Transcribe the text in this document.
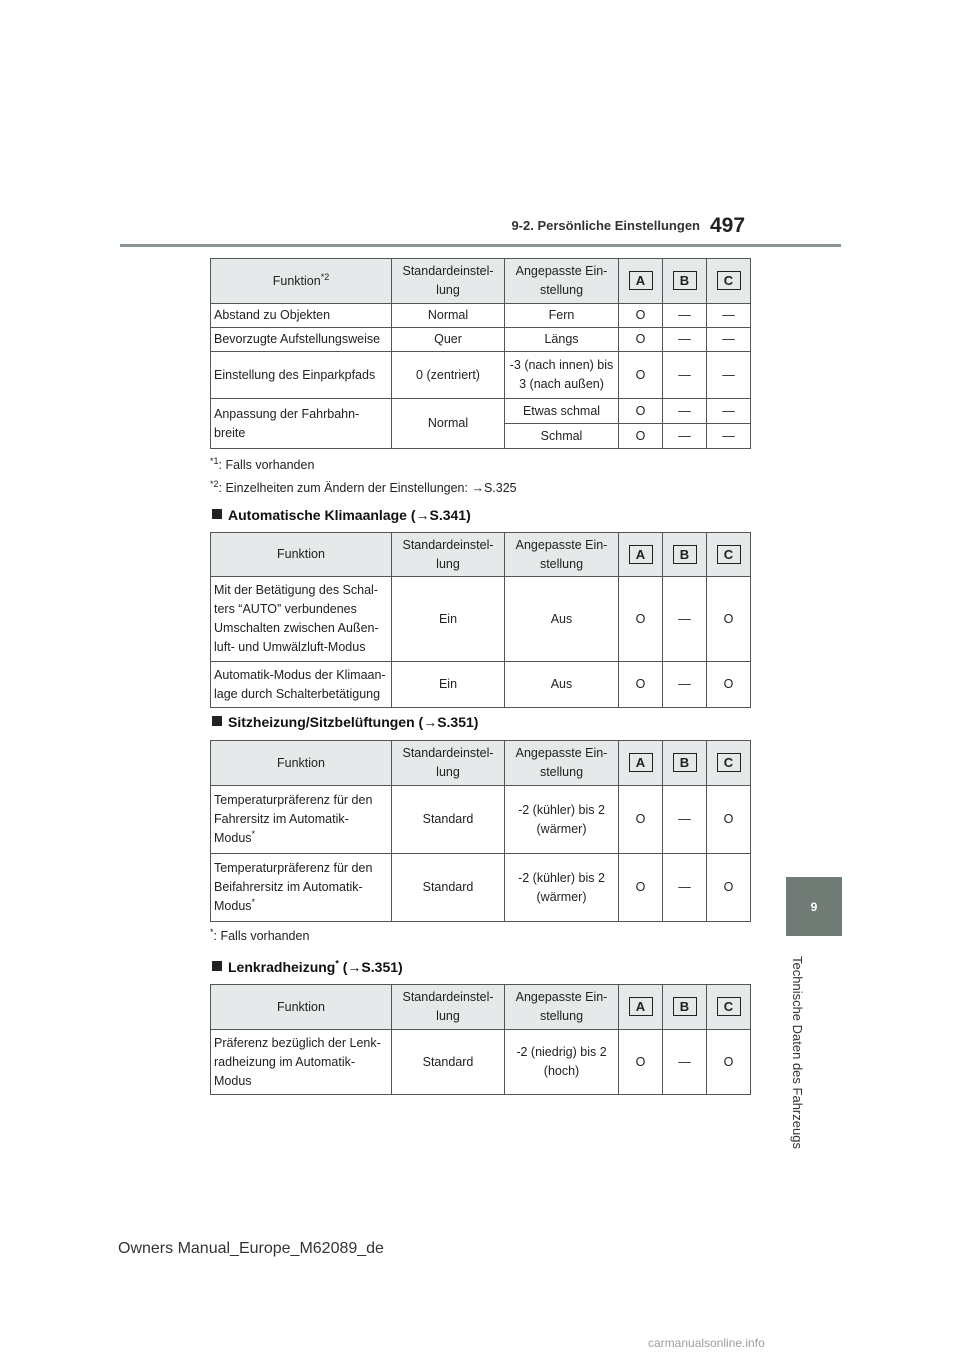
9-2. Persönliche Einstellungen 497
9
Technische Daten des Fahrzeugs
Funktion$^{*2}$	Standardeinstel-lung	Angepasste Ein-stellung	A	B	C
Abstand zu Objekten	Normal	Fern	O	—	—
Bevorzugte Aufstellungsweise	Quer	Längs	O	—	—
Einstellung des Einparkpfads	0 (zentriert)	-3 (nach innen) bis 3 (nach außen)	O	—	—
Anpassung der Fahrbahn-breite	Normal	Etwas schmal	O	—	—
		Schmal	O	—	—
$^{*1}$: Falls vorhanden
$^{*2}$: Einzelheiten zum Ändern der Einstellungen: →S.325
Automatische Klimaanlage (→S.341)
Funktion	Standardeinstel-lung	Angepasste Ein-stellung	A	B	C
Mit der Betätigung des Schal-ters “AUTO” verbundenes Umschalten zwischen Außen-luft- und Umwälzluft-Modus	Ein	Aus	O	—	O
Automatik-Modus der Klimaan-lage durch Schalterbetätigung	Ein	Aus	O	—	O
Sitzheizung/Sitzbelüftungen (→S.351)
Funktion	Standardeinstel-lung	Angepasste Ein-stellung	A	B	C
Temperaturpräferenz für den Fahrersitz im Automatik-Modus*	Standard	-2 (kühler) bis 2 (wärmer)	O	—	O
Temperaturpräferenz für den Beifahrersitz im Automatik-Modus*	Standard	-2 (kühler) bis 2 (wärmer)	O	—	O
*: Falls vorhanden
Lenkradheizung* (→S.351)
Funktion	Standardeinstel-lung	Angepasste Ein-stellung	A	B	C
Präferenz bezüglich der Lenk-radheizung im Automatik-Modus	Standard	-2 (niedrig) bis 2 (hoch)	O	—	O
Owners Manual_Europe_M62089_de
carmanualsonline.info
